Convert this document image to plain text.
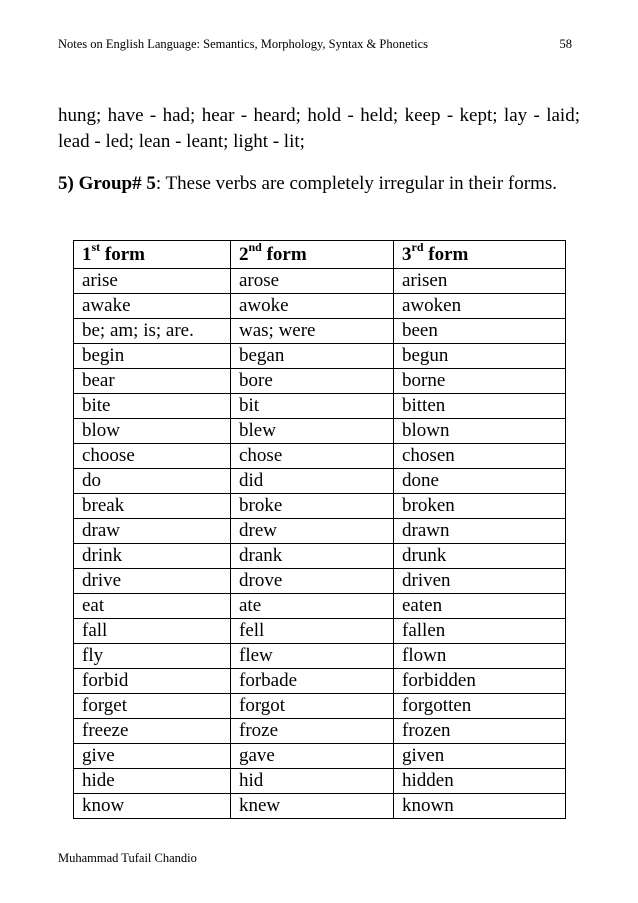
Notes on English Language: Semantics, Morphology, Syntax & Phonetics	58
hung; have - had; hear - heard; hold - held; keep - kept; lay - laid; lead - led; lean - leant; light - lit;
5) Group# 5: These verbs are completely irregular in their forms.
1st form	2nd form	3rd form
arise	arose	arisen
awake	awoke	awoken
be; am; is; are.	was; were	been
begin	began	begun
bear	bore	borne
bite	bit	bitten
blow	blew	blown
choose	chose	chosen
do	did	done
break	broke	broken
draw	drew	drawn
drink	drank	drunk
drive	drove	driven
eat	ate	eaten
fall	fell	fallen
fly	flew	flown
forbid	forbade	forbidden
forget	forgot	forgotten
freeze	froze	frozen
give	gave	given
hide	hid	hidden
know	knew	known
Muhammad Tufail Chandio
